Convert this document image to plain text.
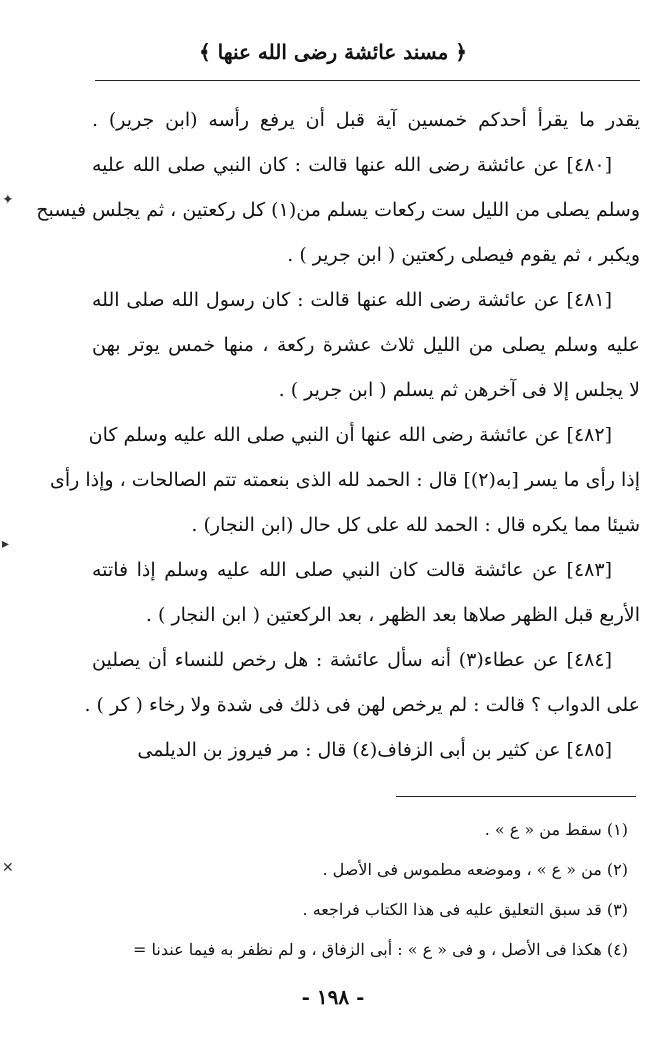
﴿ مسند عائشة رضى الله عنها ﴾
يقدر ما يقرأ أحدكم خمسين آية قبل أن يرفع رأسه (ابن جرير) .
[٤٨٠] عن عائشة رضى الله عنها قالت : كان النبي صلى الله عليه
وسلم يصلى من الليل ست ركعات يسلم من(١) كل ركعتين ، ثم يجلس فيسبح
ويكبر ، ثم يقوم فيصلى ركعتين ( ابن جرير ) .
[٤٨١] عن عائشة رضى الله عنها قالت : كان رسول الله صلى الله
عليه وسلم يصلى من الليل ثلاث عشرة ركعة ، منها خمس يوتر بهن
لا يجلس إلا فى آخرهن ثم يسلم ( ابن جرير ) .
[٤٨٢] عن عائشة رضى الله عنها أن النبي صلى الله عليه وسلم كان
إذا رأى ما يسر [به(٢)] قال : الحمد لله الذى بنعمته تتم الصالحات ، وإذا رأى
شيئا مما يكره قال : الحمد لله على كل حال (ابن النجار) .
[٤٨٣] عن عائشة قالت كان النبي صلى الله عليه وسلم إذا فاتته
الأربع قبل الظهر صلاها بعد الظهر ، بعد الركعتين ( ابن النجار ) .
[٤٨٤] عن عطاء(٣) أنه سأل عائشة : هل رخص للنساء أن يصلين
على الدواب ؟ قالت : لم يرخص لهن فى ذلك فى شدة ولا رخاء ( كر ) .
[٤٨٥] عن كثير بن أبى الزفاف(٤) قال : مر فيروز بن الديلمى
(١) سقط من « ع » .
(٢) من « ع » ، وموضعه مطموس فى الأصل .
(٣) قد سبق التعليق عليه فى هذا الكتاب فراجعه .
(٤) هكذا فى الأصل ، و فى « ع » : أبى الزفاق ، و لم نظفر به فيما عندنا =
- ١٩٨ -
✦
▸
✕
